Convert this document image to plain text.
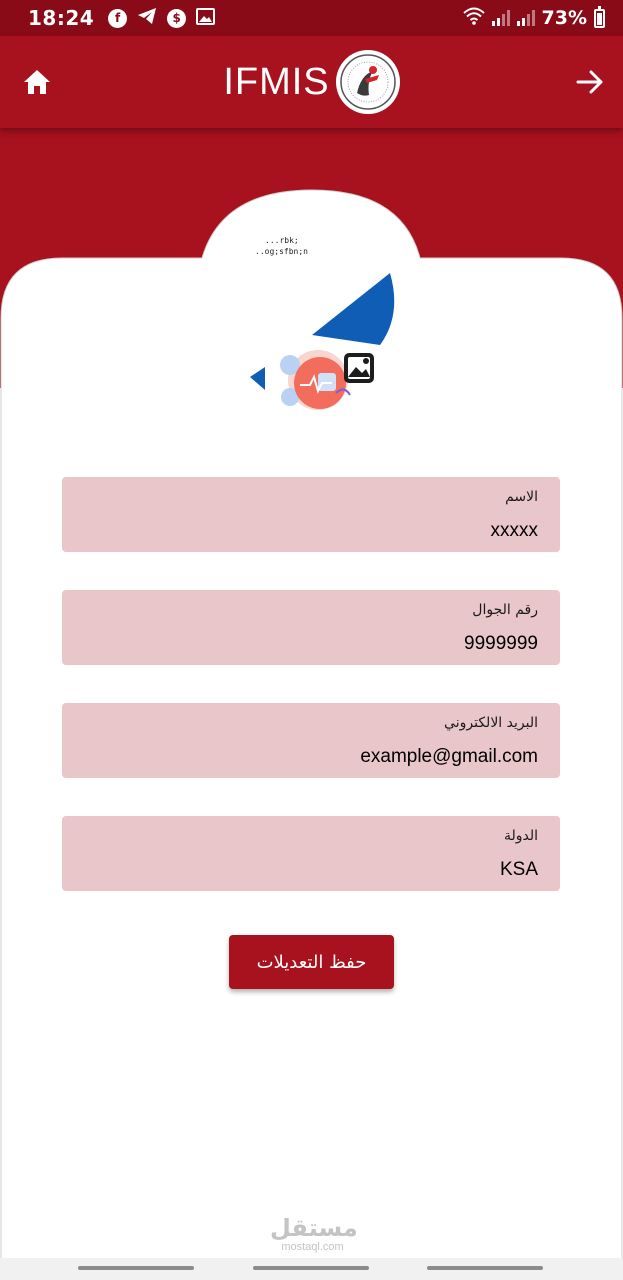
18:24	f	$	73%
IFMIS
...rbk;
..og;sfbn;n
الاسم
xxxxx
رقم الجوال
9999999
البريد الالكتروني
example@gmail.com
الدولة
KSA
حفظ التعديلات
مستقل
mostaql.com
